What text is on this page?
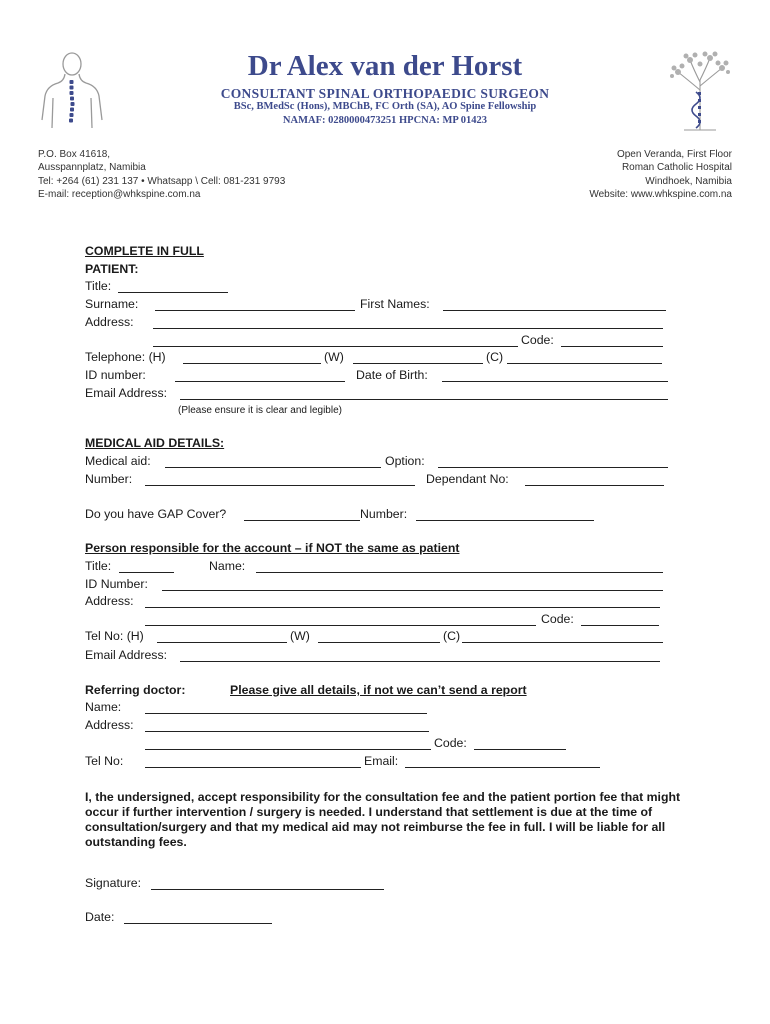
Dr Alex van der Horst
CONSULTANT SPINAL ORTHOPAEDIC SURGEON
BSc, BMedSc (Hons), MBChB, FC Orth (SA), AO Spine Fellowship
NAMAF: 0280000473251 HPCNA: MP 01423
P.O. Box 41618,
Ausspannplatz, Namibia
Tel: +264 (61) 231 137 • Whatsapp \ Cell: 081-231 9793
E-mail: reception@whkspine.com.na
Open Veranda, First Floor
Roman Catholic Hospital
Windhoek, Namibia
Website: www.whkspine.com.na
COMPLETE IN FULL
PATIENT:
Title:
Surname:	First Names:
Address:
Code:
Telephone: (H)	(W)	(C)
ID number:	Date of Birth:
Email Address:
(Please ensure it is clear and legible)
MEDICAL AID DETAILS:
Medical aid:	Option:
Number:	Dependant No:
Do you have GAP Cover?	Number:
Person responsible for the account – if NOT the same as patient
Title:	Name:
ID Number:
Address:
Code:
Tel No: (H)	(W)	(C)
Email Address:
Referring doctor:	Please give all details, if not we can’t send a report
Name:
Address:
Code:
Tel No:	Email:
I, the undersigned, accept responsibility for the consultation fee and the patient portion fee that might occur if further intervention / surgery is needed. I understand that settlement is due at the time of consultation/surgery and that my medical aid may not reimburse the fee in full. I will be liable for all outstanding fees.
Signature:
Date:
